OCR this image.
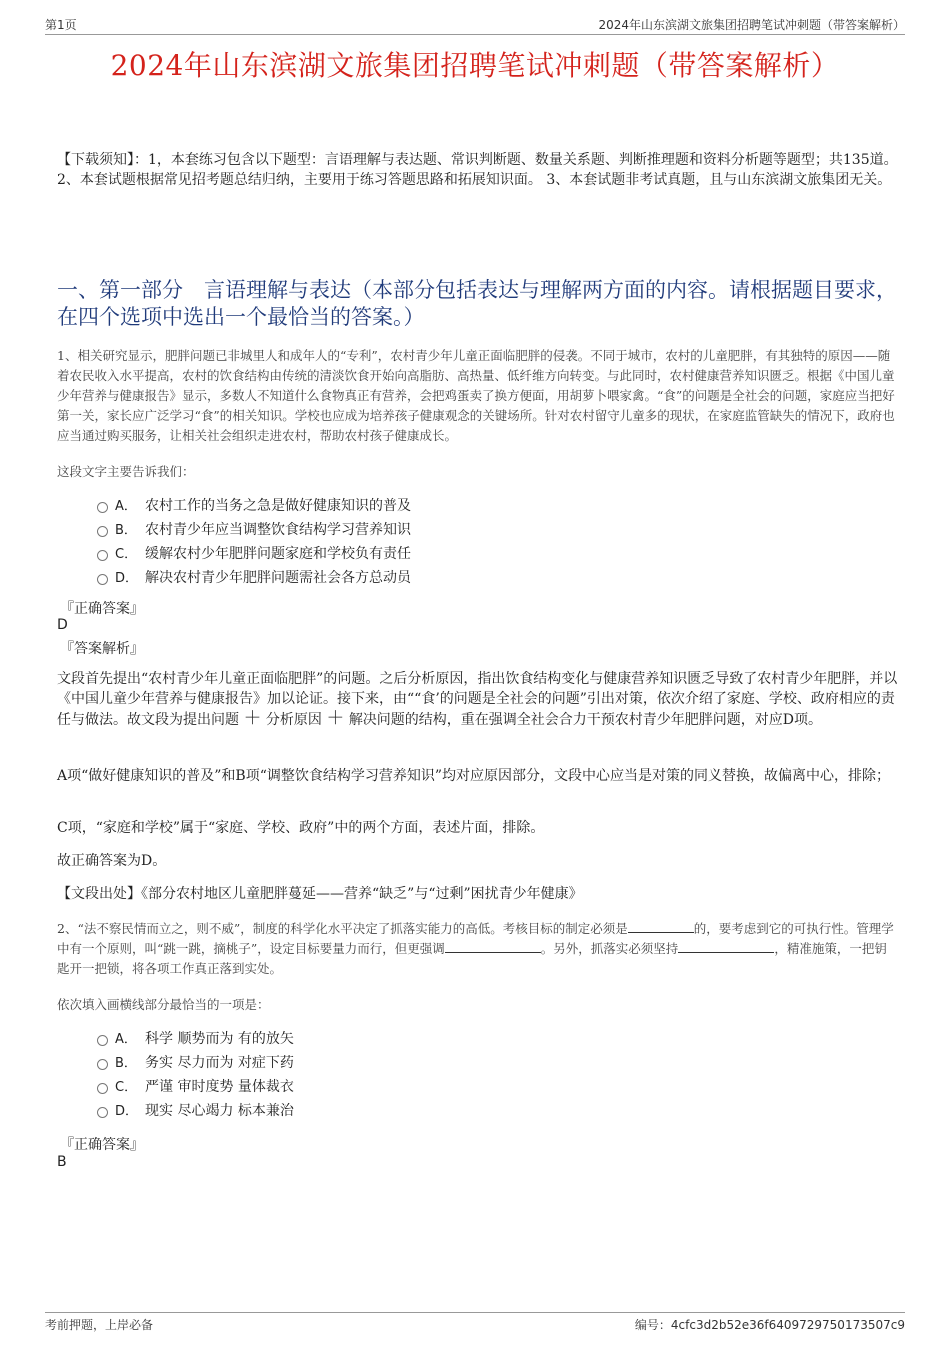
第1页	2024年山东滨湖文旅集团招聘笔试冲刺题（带答案解析）
2024年山东滨湖文旅集团招聘笔试冲刺题（带答案解析）
【下载须知】：1，本套练习包含以下题型：言语理解与表达题、常识判断题、数量关系题、判断推理题和资料分析题等题型；共135道。 2、本套试题根据常见招考题总结归纳，主要用于练习答题思路和拓展知识面。 3、本套试题非考试真题，且与山东滨湖文旅集团无关。
一、第一部分　言语理解与表达（本部分包括表达与理解两方面的内容。请根据题目要求，在四个选项中选出一个最恰当的答案。）
1、相关研究显示，肥胖问题已非城里人和成年人的“专利”，农村青少年儿童正面临肥胖的侵袭。不同于城市，农村的儿童肥胖，有其独特的原因——随着农民收入水平提高，农村的饮食结构由传统的清淡饮食开始向高脂肪、高热量、低纤维方向转变。与此同时，农村健康营养知识匮乏。根据《中国儿童少年营养与健康报告》显示，多数人不知道什么食物真正有营养，会把鸡蛋卖了换方便面，用胡萝卜喂家禽。“食”的问题是全社会的问题，家庭应当把好第一关，家长应广泛学习“食”的相关知识。学校也应成为培养孩子健康观念的关键场所。针对农村留守儿童多的现状，在家庭监管缺失的情况下，政府也应当通过购买服务，让相关社会组织走进农村，帮助农村孩子健康成长。
这段文字主要告诉我们：
A． 农村工作的当务之急是做好健康知识的普及
B． 农村青少年应当调整饮食结构学习营养知识
C． 缓解农村少年肥胖问题家庭和学校负有责任
D． 解决农村青少年肥胖问题需社会各方总动员
『正确答案』
D
『答案解析』
文段首先提出“农村青少年儿童正面临肥胖”的问题。之后分析原因，指出饮食结构变化与健康营养知识匮乏导致了农村青少年肥胖，并以《中国儿童少年营养与健康报告》加以论证。接下来，由““食’的问题是全社会的问题”引出对策，依次介绍了家庭、学校、政府相应的责任与做法。故文段为提出问题 ＋ 分析原因 ＋ 解决问题的结构，重在强调全社会合力干预农村青少年肥胖问题，对应D项。
A项“做好健康知识的普及”和B项“调整饮食结构学习营养知识”均对应原因部分，文段中心应当是对策的同义替换，故偏离中心，排除；
C项，“家庭和学校”属于“家庭、学校、政府”中的两个方面，表述片面，排除。
故正确答案为D。
【文段出处】《部分农村地区儿童肥胖蔓延——营养“缺乏”与“过剩”困扰青少年健康》
2、“法不察民情而立之，则不威”，制度的科学化水平决定了抓落实能力的高低。考核目标的制定必须是	的，要考虑到它的可执行性。管理学中有一个原则，叫“跳一跳，摘桃子”，设定目标要量力而行，但更强调	。另外，抓落实必须坚持	，精准施策，一把钥匙开一把锁，将各项工作真正落到实处。
依次填入画横线部分最恰当的一项是：
A． 科学 顺势而为 有的放矢
B． 务实 尽力而为 对症下药
C． 严谨 审时度势 量体裁衣
D． 现实 尽心竭力 标本兼治
『正确答案』
B
考前押题，上岸必备	编号：4cfc3d2b52e36f6409729750173507c9
